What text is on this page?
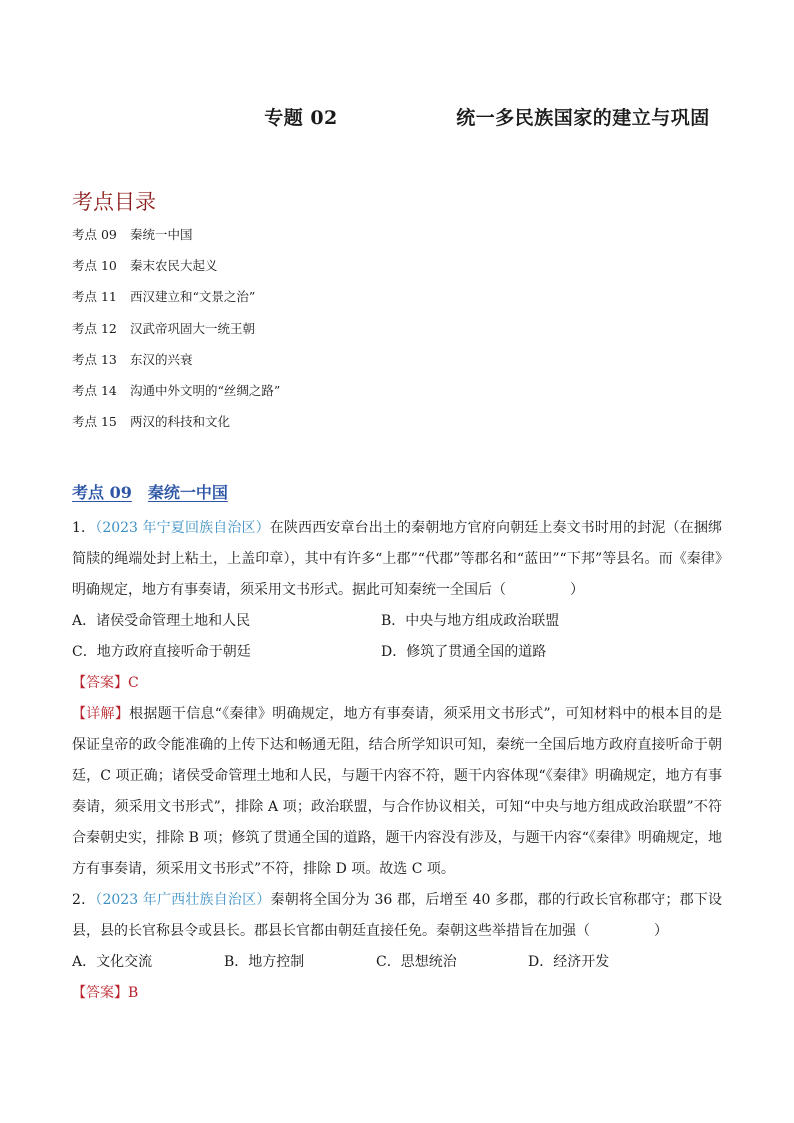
专题 02	统一多民族国家的建立与巩固
考点目录
考点 09	秦统一中国
考点 10	秦末农民大起义
考点 11	西汉建立和“文景之治”
考点 12	汉武帝巩固大一统王朝
考点 13	东汉的兴衰
考点 14	沟通中外文明的“丝绸之路”
考点 15	两汉的科技和文化
考点 09 秦统一中国

1．（2023 年宁夏回族自治区）在陕西西安章台出土的秦朝地方官府向朝廷上奏文书时用的封泥（在捆绑简牍的绳端处封上粘土，上盖印章），其中有许多“上郡”“代郡”等郡名和“蓝田”“下邦”等县名。而《秦律》明确规定，地方有事奏请，须采用文书形式。据此可知秦统一全国后（	）

A．诸侯受命管理土地和人民	B．中央与地方组成政治联盟
C．地方政府直接听命于朝廷	D．修筑了贯通全国的道路

【答案】C

【详解】根据题干信息“《秦律》明确规定，地方有事奏请，须采用文书形式”，可知材料中的根本目的是保证皇帝的政令能准确的上传下达和畅通无阻，结合所学知识可知，秦统一全国后地方政府直接听命于朝廷，C 项正确；诸侯受命管理土地和人民，与题干内容不符，题干内容体现“《秦律》明确规定，地方有事奏请，须采用文书形式”，排除 A 项；政治联盟，与合作协议相关，可知“中央与地方组成政治联盟”不符合秦朝史实，排除 B 项；修筑了贯通全国的道路，题干内容没有涉及，与题干内容“《秦律》明确规定，地方有事奏请，须采用文书形式”不符，排除 D 项。故选 C 项。

2．（2023 年广西壮族自治区）秦朝将全国分为 36 郡，后增至 40 多郡，郡的行政长官称郡守；郡下设县，县的长官称县令或县长。郡县长官都由朝廷直接任免。秦朝这些举措旨在加强（	）

A．文化交流	B．地方控制	C．思想统治	D．经济开发

【答案】B
